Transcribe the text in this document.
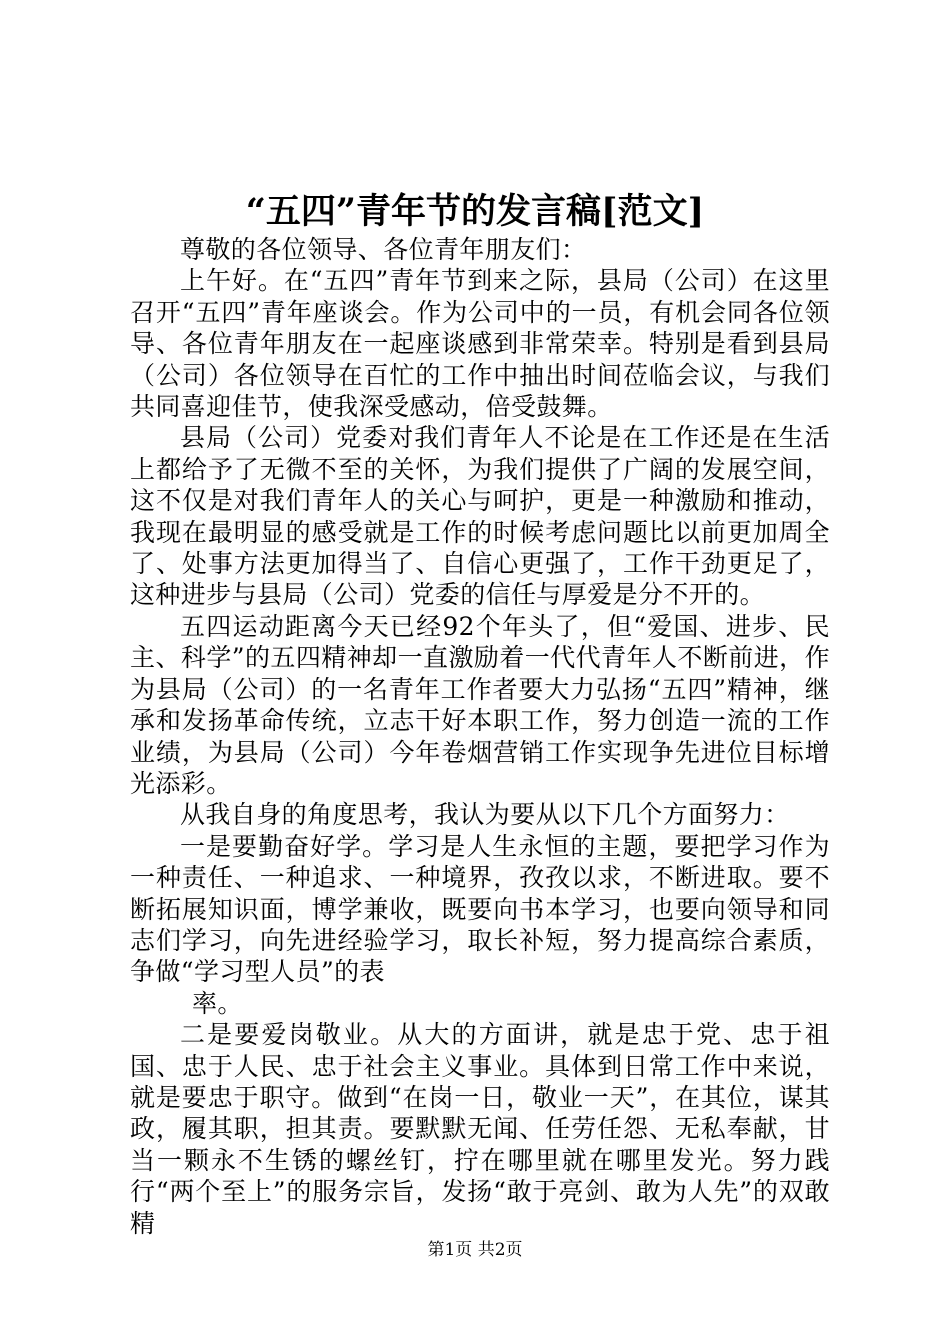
“五四”青年节的发言稿[范文]

尊敬的各位领导、各位青年朋友们：

上午好。在“五四”青年节到来之际，县局（公司）在这里召开“五四”青年座谈会。作为公司中的一员，有机会同各位领导、各位青年朋友在一起座谈感到非常荣幸。特别是看到县局（公司）各位领导在百忙的工作中抽出时间莅临会议，与我们共同喜迎佳节，使我深受感动，倍受鼓舞。

县局（公司）党委对我们青年人不论是在工作还是在生活上都给予了无微不至的关怀，为我们提供了广阔的发展空间，这不仅是对我们青年人的关心与呵护，更是一种激励和推动，我现在最明显的感受就是工作的时候考虑问题比以前更加周全了、处事方法更加得当了、自信心更强了，工作干劲更足了，这种进步与县局（公司）党委的信任与厚爱是分不开的。

五四运动距离今天已经92个年头了，但“爱国、进步、民主、科学”的五四精神却一直激励着一代代青年人不断前进，作为县局（公司）的一名青年工作者要大力弘扬“五四”精神，继承和发扬革命传统，立志干好本职工作，努力创造一流的工作业绩，为县局（公司）今年卷烟营销工作实现争先进位目标增光添彩。

从我自身的角度思考，我认为要从以下几个方面努力：

一是要勤奋好学。学习是人生永恒的主题，要把学习作为一种责任、一种追求、一种境界，孜孜以求，不断进取。要不断拓展知识面，博学兼收，既要向书本学习，也要向领导和同志们学习，向先进经验学习，取长补短，努力提高综合素质，争做“学习型人员”的表

率。

二是要爱岗敬业。从大的方面讲，就是忠于党、忠于祖国、忠于人民、忠于社会主义事业。具体到日常工作中来说，就是要忠于职守。做到“在岗一日，敬业一天”，在其位，谋其政，履其职，担其责。要默默无闻、任劳任怨、无私奉献，甘当一颗永不生锈的螺丝钉，拧在哪里就在哪里发光。努力践行“两个至上”的服务宗旨，发扬“敢于亮剑、敢为人先”的双敢精

第1页 共2页
